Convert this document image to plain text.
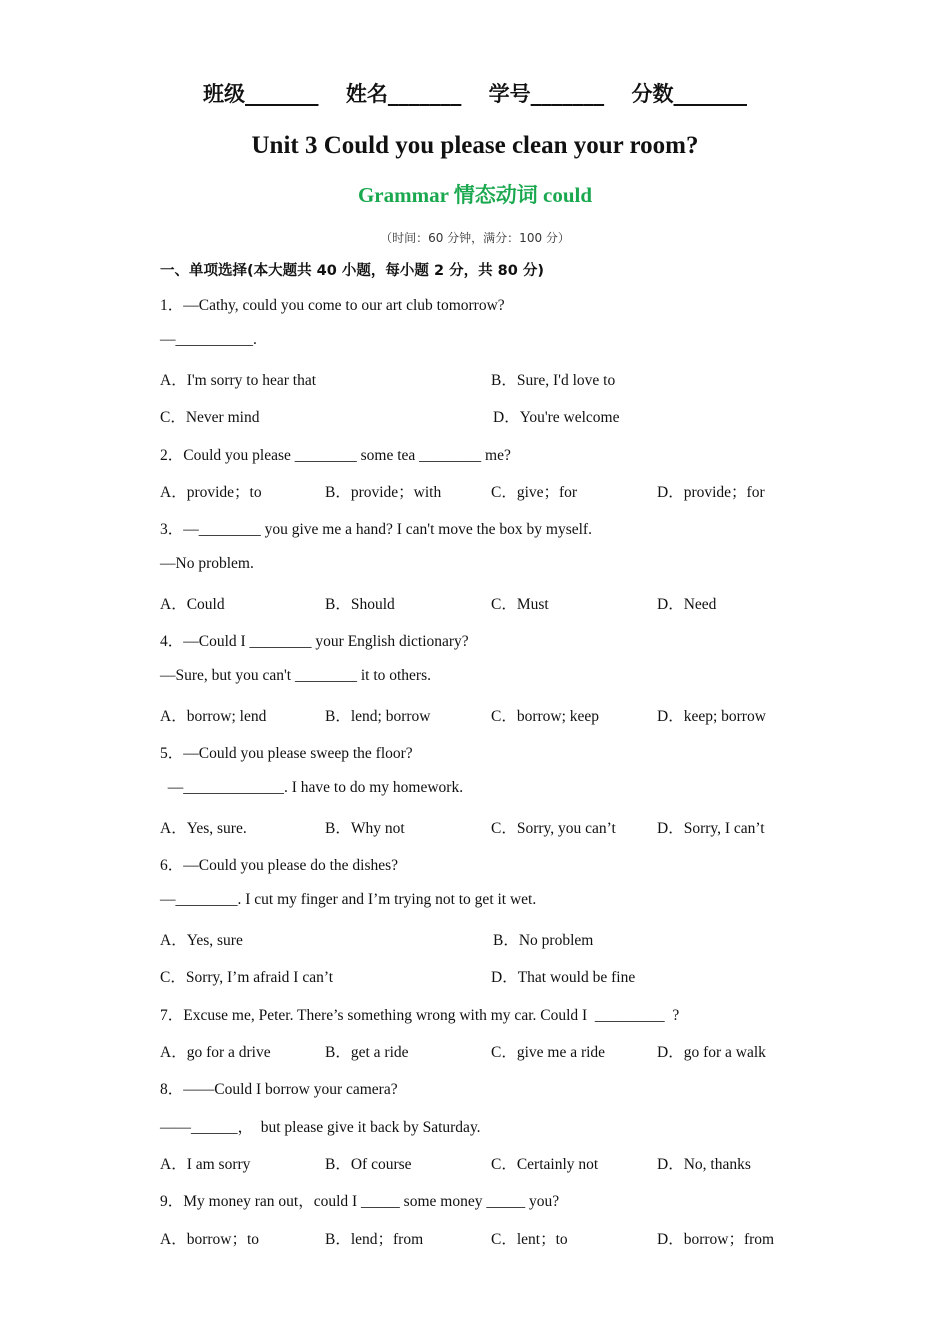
班级_______ 姓名_______ 学号_______ 分数_______
Unit 3 Could you please clean your room?
Grammar 情态动词 could
（时间：60 分钟，满分：100 分）
一、单项选择(本大题共 40 小题，每小题 2 分，共 80 分)
1．—Cathy, could you come to our art club tomorrow?
—__________.
A．I'm sorry to hear that	B．Sure, I'd love to
C．Never mind	D．You're welcome
2．Could you please ________ some tea ________ me?
A．provide；to	B．provide；with	C．give；for	D．provide；for
3．—________ you give me a hand? I can't move the box by myself.
—No problem.
A．Could	B．Should	C．Must	D．Need
4．—Could I ________ your English dictionary?
—Sure, but you can't ________ it to others.
A．borrow; lend	B．lend; borrow	C．borrow; keep	D．keep; borrow
5．—Could you please sweep the floor?
—_____________. I have to do my homework.
A．Yes, sure.	B．Why not	C．Sorry, you can’t	D．Sorry, I can’t
6．—Could you please do the dishes?
—________. I cut my finger and I’m trying not to get it wet.
A．Yes, sure	B．No problem
C．Sorry, I’m afraid I can’t	D．That would be fine
7．Excuse me, Peter. There’s something wrong with my car. Could I  _________  ?
A．go for a drive	B．get a ride	C．give me a ride	D．go for a walk
8．——Could I borrow your camera?
——______，  but please give it back by Saturday.
A．I am sorry	B．Of course	C．Certainly not	D．No, thanks
9．My money ran out，could I _____ some money _____ you?
A．borrow；to	B．lend；from	C．lent；to	D．borrow；from
